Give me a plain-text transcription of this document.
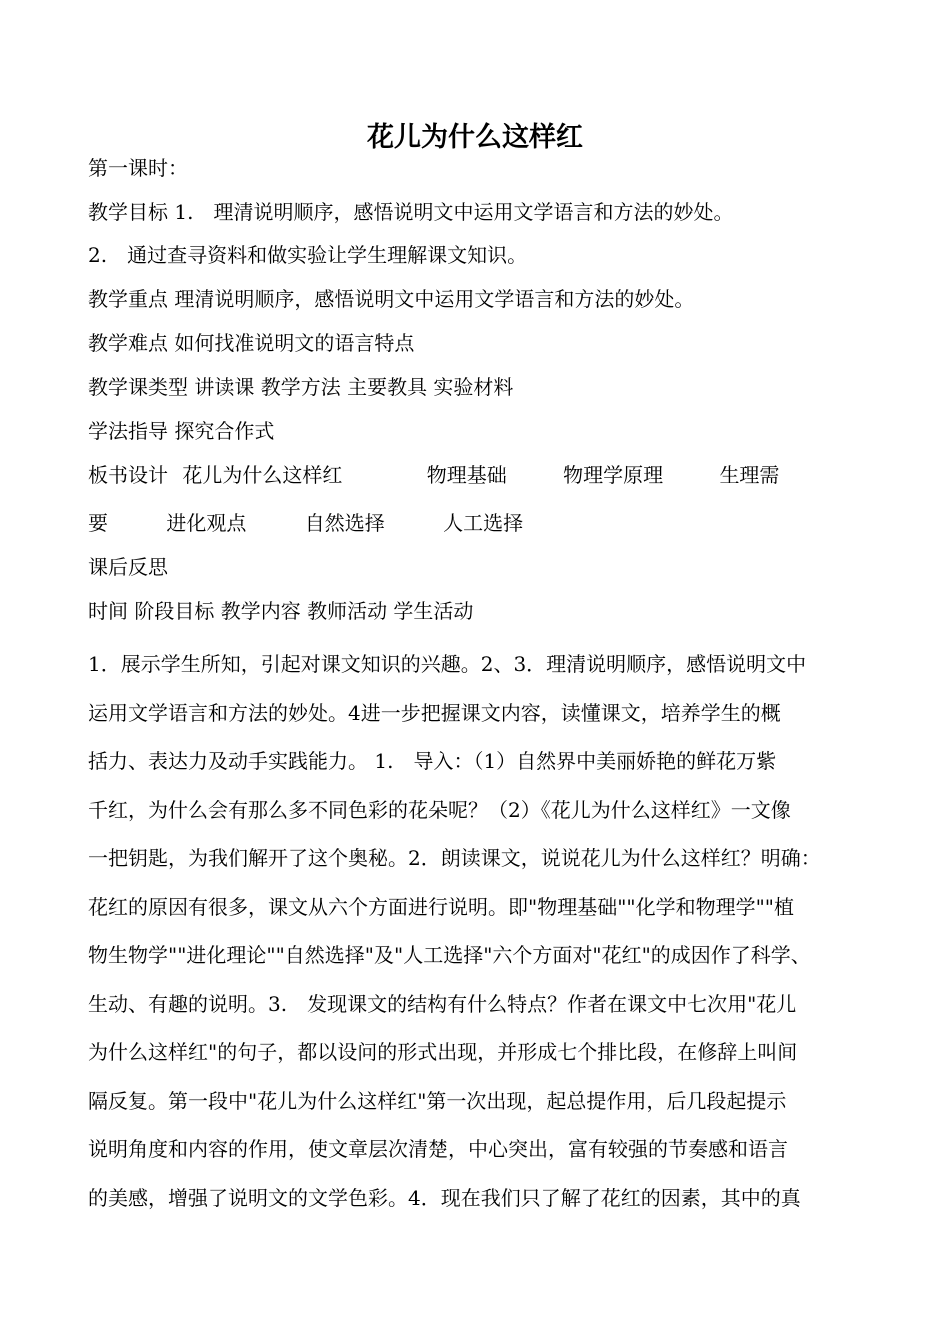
花儿为什么这样红
第一课时：
教学目标 1.　理清说明顺序，感悟说明文中运用文学语言和方法的妙处。
2.　通过查寻资料和做实验让学生理解课文知识。
教学重点 理清说明顺序，感悟说明文中运用文学语言和方法的妙处。
教学难点 如何找准说明文的语言特点
教学课类型 讲读课 教学方法 主要教具 实验材料
学法指导 探究合作式
板书设计 花儿为什么这样红	物理基础	物理学原理	生理需
要	进化观点	自然选择	人工选择
课后反思
时间 阶段目标 教学内容 教师活动 学生活动
1．展示学生所知，引起对课文知识的兴趣。2、3．理清说明顺序，感悟说明文中
运用文学语言和方法的妙处。4进一步把握课文内容，读懂课文，培养学生的概
括力、表达力及动手实践能力。 1.　导入：（1）自然界中美丽娇艳的鲜花万紫
千红，为什么会有那么多不同色彩的花朵呢？（2）《花儿为什么这样红》一文像
一把钥匙，为我们解开了这个奥秘。2．朗读课文，说说花儿为什么这样红？明确：
花红的原因有很多，课文从六个方面进行说明。即"物理基础""化学和物理学""植
物生物学""进化理论""自然选择"及"人工选择"六个方面对"花红"的成因作了科学、
生动、有趣的说明。3.　发现课文的结构有什么特点？作者在课文中七次用"花儿
为什么这样红"的句子，都以设问的形式出现，并形成七个排比段，在修辞上叫间
隔反复。第一段中"花儿为什么这样红"第一次出现，起总提作用，后几段起提示
说明角度和内容的作用，使文章层次清楚，中心突出，富有较强的节奏感和语言
的美感，增强了说明文的文学色彩。4．现在我们只了解了花红的因素，其中的真
